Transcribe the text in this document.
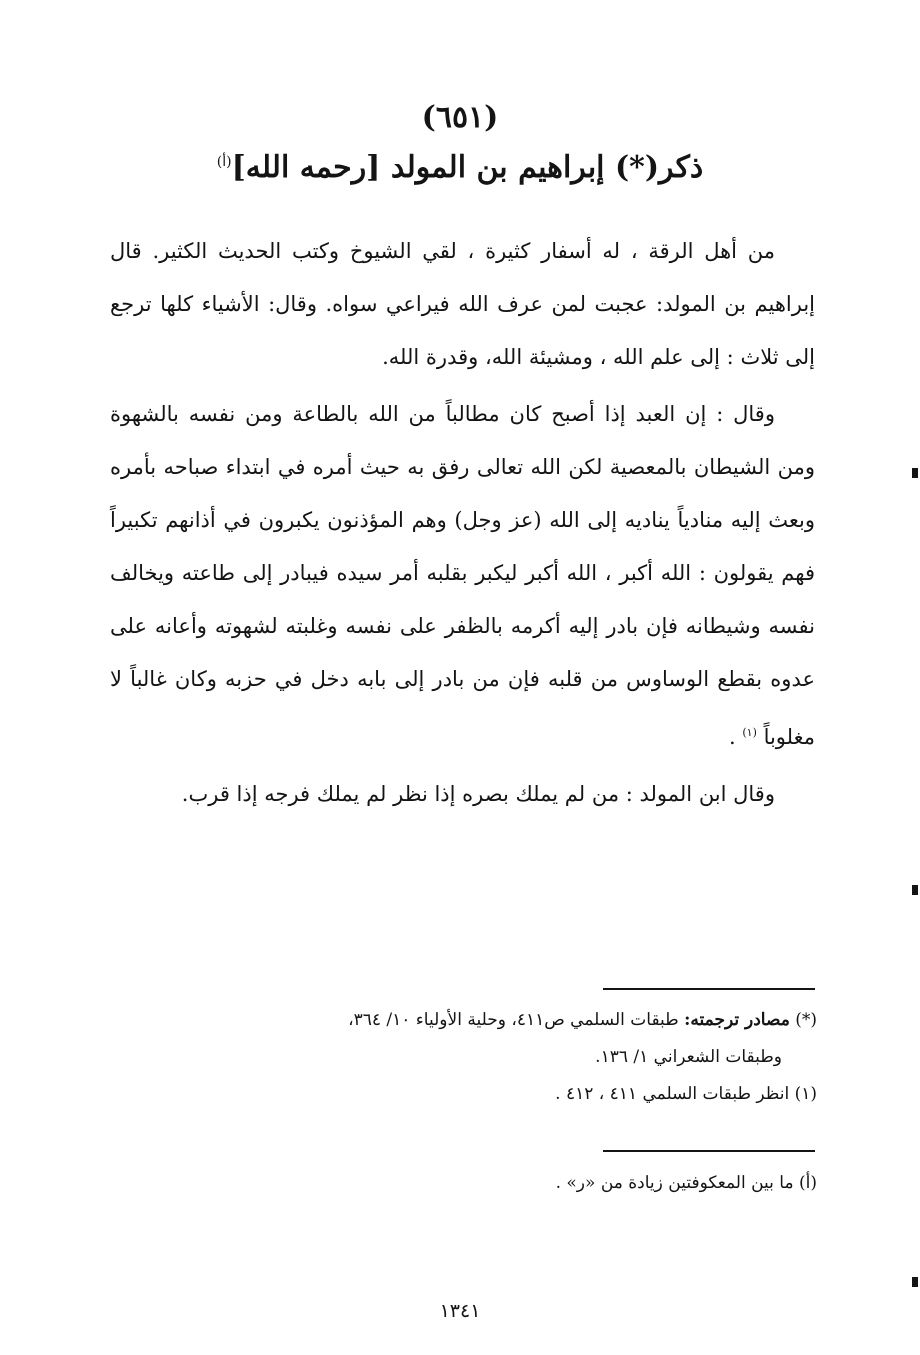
(٦٥١)
ذكر(*) إبراهيم بن المولد [رحمه الله]$^{(أ)}$

من أهل الرقة ، له أسفار كثيرة ، لقي الشيوخ وكتب الحديث الكثير. قال إبراهيم بن المولد: عجبت لمن عرف الله فيراعي سواه. وقال: الأشياء كلها ترجع إلى ثلاث : إلى علم الله ، ومشيئة الله، وقدرة الله.

وقال : إن العبد إذا أصبح كان مطالباً من الله بالطاعة ومن نفسه بالشهوة ومن الشيطان بالمعصية لكن الله تعالى رفق به حيث أمره في ابتداء صباحه بأمره وبعث إليه منادياً يناديه إلى الله (عز وجل) وهم المؤذنون يكبرون في أذانهم تكبيراً فهم يقولون : الله أكبر ، الله أكبر ليكبر بقلبه أمر سيده فيبادر إلى طاعته ويخالف نفسه وشيطانه فإن بادر إليه أكرمه بالظفر على نفسه وغلبته لشهوته وأعانه على عدوه بقطع الوساوس من قلبه فإن من بادر إلى بابه دخل في حزبه وكان غالباً لا مغلوباً $^{(١)}$ .

وقال ابن المولد : من لم يملك بصره إذا نظر لم يملك فرجه إذا قرب.

(*) مصادر ترجمته: طبقات السلمي ص٤١١، وحلية الأولياء ١٠/ ٣٦٤،

وطبقات الشعراني ١/ ١٣٦.

(١) انظر طبقات السلمي ٤١١ ، ٤١٢ .

(أ) ما بين المعكوفتين زيادة من «ر» .
١٣٤١
